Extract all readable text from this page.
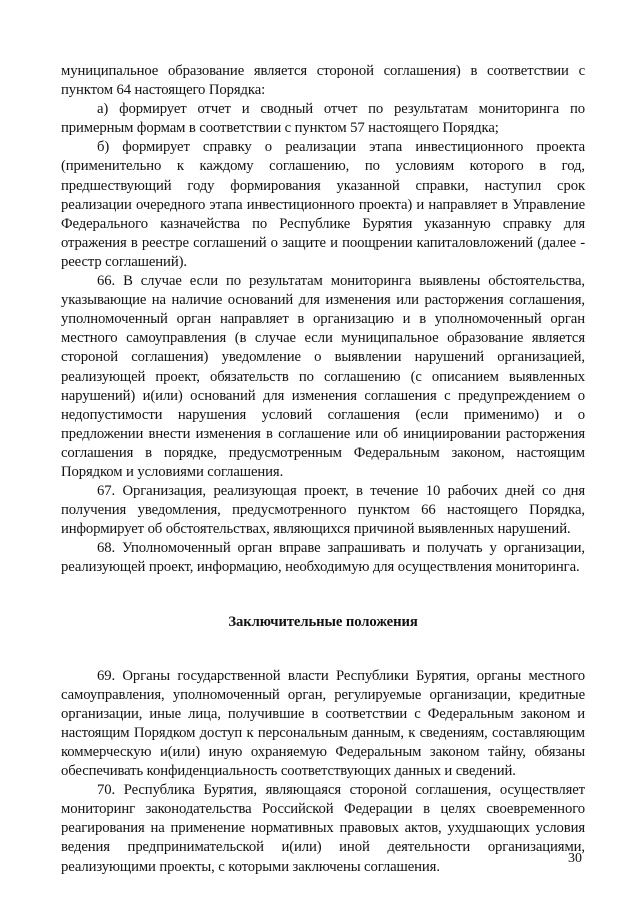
муниципальное образование является стороной соглашения) в соответствии с пунктом 64 настоящего Порядка:

а) формирует отчет и сводный отчет по результатам мониторинга по примерным формам в соответствии с пунктом 57 настоящего Порядка;

б) формирует справку о реализации этапа инвестиционного проекта (применительно к каждому соглашению, по условиям которого в год, предшествующий году формирования указанной справки, наступил срок реализации очередного этапа инвестиционного проекта) и направляет в Управление Федерального казначейства по Республике Бурятия указанную справку для отражения в реестре соглашений о защите и поощрении капиталовложений (далее - реестр соглашений).

66. В случае если по результатам мониторинга выявлены обстоятельства, указывающие на наличие оснований для изменения или расторжения соглашения, уполномоченный орган направляет в организацию и в уполномоченный орган местного самоуправления (в случае если муниципальное образование является стороной соглашения) уведомление о выявлении нарушений организацией, реализующей проект, обязательств по соглашению (с описанием выявленных нарушений) и(или) оснований для изменения соглашения с предупреждением о недопустимости нарушения условий соглашения (если применимо) и о предложении внести изменения в соглашение или об инициировании расторжения соглашения в порядке, предусмотренным Федеральным законом, настоящим Порядком и условиями соглашения.

67. Организация, реализующая проект, в течение 10 рабочих дней со дня получения уведомления, предусмотренного пунктом 66 настоящего Порядка, информирует об обстоятельствах, являющихся причиной выявленных нарушений.

68. Уполномоченный орган вправе запрашивать и получать у организации, реализующей проект, информацию, необходимую для осуществления мониторинга.

Заключительные положения

69. Органы государственной власти Республики Бурятия, органы местного самоуправления, уполномоченный орган, регулируемые организации, кредитные организации, иные лица, получившие в соответствии с Федеральным законом и настоящим Порядком доступ к персональным данным, к сведениям, составляющим коммерческую и(или) иную охраняемую Федеральным законом тайну, обязаны обеспечивать конфиденциальность соответствующих данных и сведений.

70. Республика Бурятия, являющаяся стороной соглашения, осуществляет мониторинг законодательства Российской Федерации в целях своевременного реагирования на применение нормативных правовых актов, ухудшающих условия ведения предпринимательской и(или) иной деятельности организациями, реализующими проекты, с которыми заключены соглашения.

30
